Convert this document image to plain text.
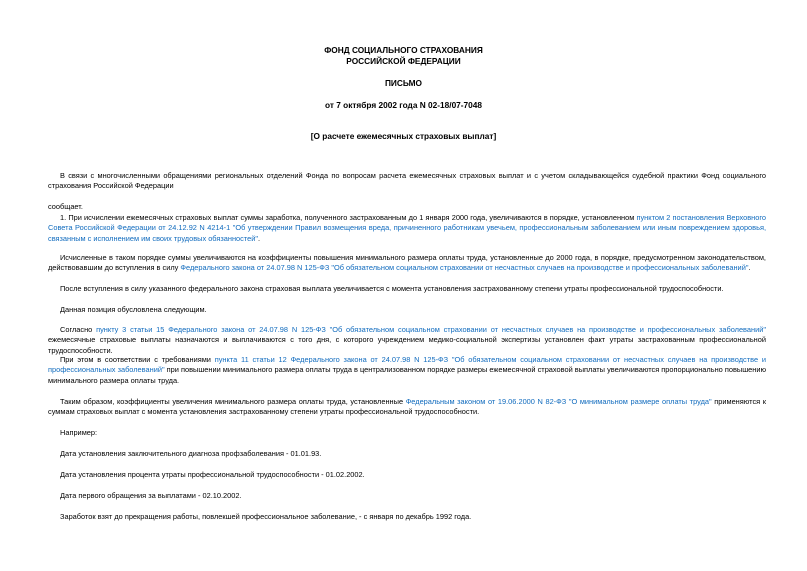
ФОНД СОЦИАЛЬНОГО СТРАХОВАНИЯ
РОССИЙСКОЙ ФЕДЕРАЦИИ
ПИСЬМО
от 7 октября 2002 года N 02-18/07-7048
[О расчете ежемесячных страховых выплат]
В связи с многочисленными обращениями региональных отделений Фонда по вопросам расчета ежемесячных страховых выплат и с учетом складывающейся судебной практики Фонд социального страхования Российской Федерации
сообщает.
1. При исчислении ежемесячных страховых выплат суммы заработка, полученного застрахованным до 1 января 2000 года, увеличиваются в порядке, установленном пунктом 2 постановления Верховного Совета Российской Федерации от 24.12.92 N 4214-1 "Об утверждении Правил возмещения вреда, причиненного работникам увечьем, профессиональным заболеванием или иным повреждением здоровья, связанным с исполнением им своих трудовых обязанностей".
Исчисленные в таком порядке суммы увеличиваются на коэффициенты повышения минимального размера оплаты труда, установленные до 2000 года, в порядке, предусмотренном законодательством, действовавшим до вступления в силу Федерального закона от 24.07.98 N 125-ФЗ "Об обязательном социальном страховании от несчастных случаев на производстве и профессиональных заболеваний".
После вступления в силу указанного федерального закона страховая выплата увеличивается с момента установления застрахованному степени утраты профессиональной трудоспособности.
Данная позиция обусловлена следующим.
Согласно пункту 3 статьи 15 Федерального закона от 24.07.98 N 125-ФЗ "Об обязательном социальном страховании от несчастных случаев на производстве и профессиональных заболеваний" ежемесячные страховые выплаты назначаются и выплачиваются с того дня, с которого учреждением медико-социальной экспертизы установлен факт утраты застрахованным профессиональной трудоспособности.
При этом в соответствии с требованиями пункта 11 статьи 12 Федерального закона от 24.07.98 N 125-ФЗ "Об обязательном социальном страховании от несчастных случаев на производстве и профессиональных заболеваний" при повышении минимального размера оплаты труда в централизованном порядке размеры ежемесячной страховой выплаты увеличиваются пропорционально повышению минимального размера оплаты труда.
Таким образом, коэффициенты увеличения минимального размера оплаты труда, установленные Федеральным законом от 19.06.2000 N 82-ФЗ "О минимальном размере оплаты труда" применяются к суммам страховых выплат с момента установления застрахованному степени утраты профессиональной трудоспособности.
Например:
Дата установления заключительного диагноза профзаболевания - 01.01.93.
Дата установления процента утраты профессиональной трудоспособности - 01.02.2002.
Дата первого обращения за выплатами - 02.10.2002.
Заработок взят до прекращения работы, повлекшей профессиональное заболевание, - с января по декабрь 1992 года.
